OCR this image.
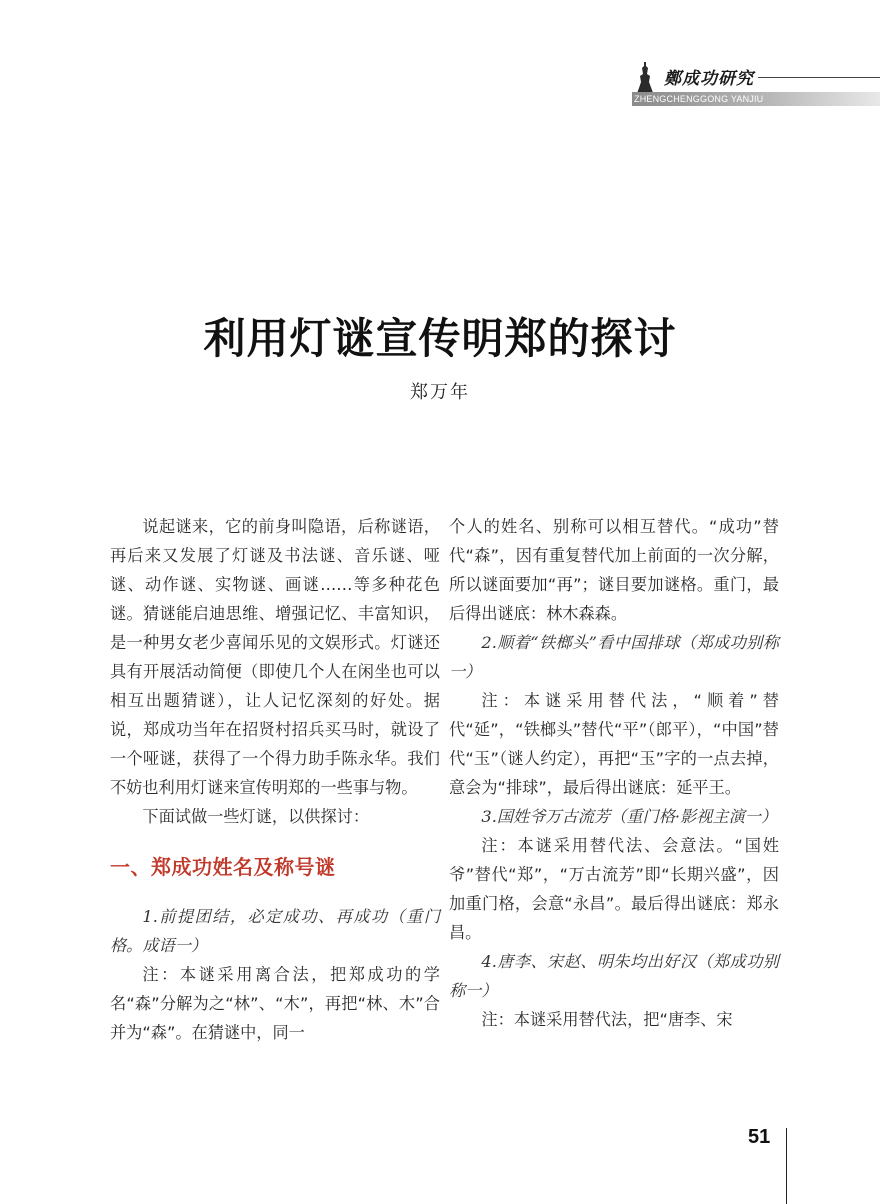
鄭成功研究
ZHENGCHENGGONG YANJIU
利用灯谜宣传明郑的探讨
郑万年

说起谜来，它的前身叫隐语，后称谜语，再后来又发展了灯谜及书法谜、音乐谜、哑谜、动作谜、实物谜、画谜……等多种花色谜。猜谜能启迪思维、增强记忆、丰富知识，是一种男女老少喜闻乐见的文娱形式。灯谜还具有开展活动简便（即使几个人在闲坐也可以相互出题猜谜），让人记忆深刻的好处。据说，郑成功当年在招贤村招兵买马时，就设了一个哑谜，获得了一个得力助手陈永华。我们不妨也利用灯谜来宣传明郑的一些事与物。

下面试做一些灯谜，以供探讨：

一、郑成功姓名及称号谜

1.前提团结，必定成功、再成功（重门格。成语一）

注：本谜采用离合法，把郑成功的学名“森”分解为之“林”、“木”，再把“林、木”合并为“森”。在猜谜中，同一

个人的姓名、别称可以相互替代。“成功”替代“森”，因有重复替代加上前面的一次分解，所以谜面要加“再”；谜目要加谜格。重门，最后得出谜底：林木森森。

2.顺着“铁榔头”看中国排球（郑成功别称一）

注：本谜采用替代法，“顺着”替代“延”，“铁榔头”替代“平”（郎平），“中国”替代“玉”（谜人约定），再把“玉”字的一点去掉，意会为“排球”，最后得出谜底：延平王。

3.国姓爷万古流芳（重门格·影视主演一）

注：本谜采用替代法、会意法。“国姓爷”替代“郑”，“万古流芳”即“长期兴盛”，因加重门格，会意“永昌”。最后得出谜底：郑永昌。

4.唐李、宋赵、明朱均出好汉（郑成功别称一）

注：本谜采用替代法，把“唐李、宋

51
